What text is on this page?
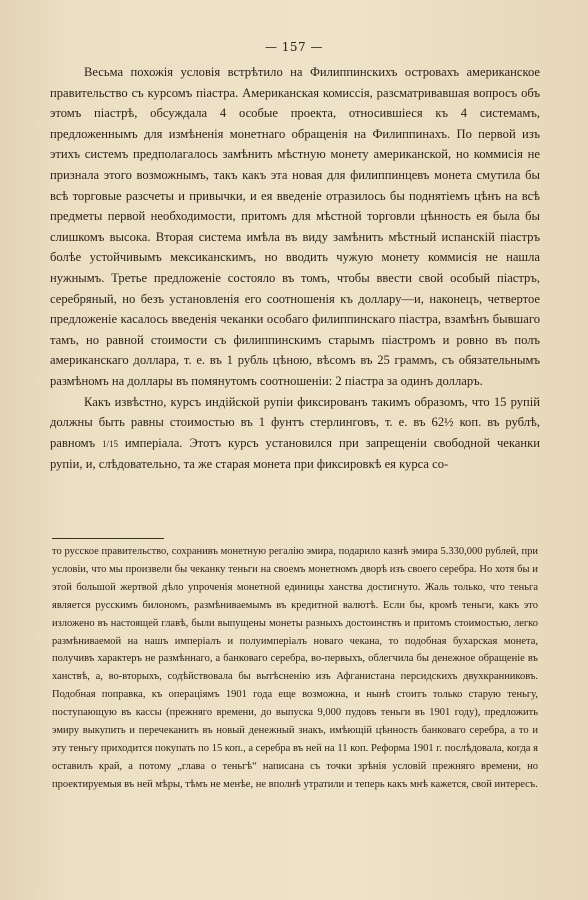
— 157 —

Весьма похожія условія встрѣтило на Филиппинскихъ островахъ американское правительство съ курсомъ піастра. Американская комиссія, разсматривавшая вопросъ объ этомъ піастрѣ, обсуждала 4 особые проекта, относившіеся къ 4 системамъ, предложеннымъ для измѣненія монетнаго обращенія на Филиппинахъ. По первой изъ этихъ системъ предполагалось замѣнить мѣстную монету американской, но коммисія не признала этого возможнымъ, такъ какъ эта новая для филиппинцевъ монета смутила бы всѣ торговые разсчеты и привычки, и ея введеніе отразилось бы поднятіемъ цѣнъ на всѣ предметы первой необходимости, притомъ для мѣстной торговли цѣнность ея была бы слишкомъ высока. Вторая система имѣла въ виду замѣнить мѣстный испанскій піастръ болѣе устойчивымъ мексиканскимъ, но вводить чужую монету коммисія не нашла нужнымъ. Третье предложеніе состояло въ томъ, чтобы ввести свой особый піастръ, серебряный, но безъ установленія его соотношенія къ доллару—и, наконецъ, четвертое предложеніе касалось введенія чеканки особаго филиппинскаго піастра, взамѣнъ бывшаго тамъ, но равной стоимости съ филиппинскимъ старымъ піастромъ и ровно въ полъ американскаго доллара, т. е. въ 1 рубль цѣною, вѣсомъ въ 25 граммъ, съ обязательнымъ размѣномъ на доллары въ помянутомъ соотношеніи: 2 піастра за одинъ долларъ.

Какъ извѣстно, курсъ индійской рупіи фиксированъ такимъ образомъ, что 15 рупій должны быть равны стоимостью въ 1 фунтъ стерлинговъ, т. е. въ 62½ коп. въ рублѣ, равномъ 1/15 имперіала. Этотъ курсъ установился при запрещеніи свободной чеканки рупіи, и, слѣдовательно, та же старая монета при фиксировкѣ ея курса со-

то русское правительство, сохранивъ монетную регалію эмира, подарило казнѣ эмира 5.330,000 рублей, при условіи, что мы произвели бы чеканку теньги на своемъ монетномъ дворѣ изъ своего серебра. Но хотя бы и этой большой жертвой дѣло упроченія монетной единицы ханства достигнуто. Жаль только, что теньга является русскимъ билономъ, размѣниваемымъ въ кредитной валютѣ. Если бы, кромѣ теньги, какъ это изложено въ настоящей главѣ, были выпущены монеты разныхъ достоинствъ и притомъ стоимостью, легко размѣниваемой на нашъ имперіалъ и полуимперіалъ новаго чекана, то подобная бухарская монета, получивъ характеръ не размѣннаго, а банковаго серебра, во-первыхъ, облегчила бы денежное обращеніе въ ханствѣ, а, во-вторыхъ, содѣйствовала бы вытѣсненію изъ Афганистана персидскихъ двухкранниковъ. Подобная поправка, къ операціямъ 1901 года еще возможна, и нынѣ стоитъ только старую теньгу, поступающую въ кассы (прежняго времени, до выпуска 9,000 пудовъ теньги въ 1901 году), предложить эмиру выкупить и перечеканить въ новый денежный знакъ, имѣющій цѣнность банковаго серебра, а то и эту теньгу приходится покупать по 15 коп., а серебра въ ней на 11 коп. Реформа 1901 г. послѣдовала, когда я оставилъ край, а потому „глава о теньгѣ“ написана съ точки зрѣнія условій прежняго времени, но проектируемыя въ ней мѣры, тѣмъ не менѣе, не вполнѣ утратили и теперь какъ мнѣ кажется, свой интересъ.
